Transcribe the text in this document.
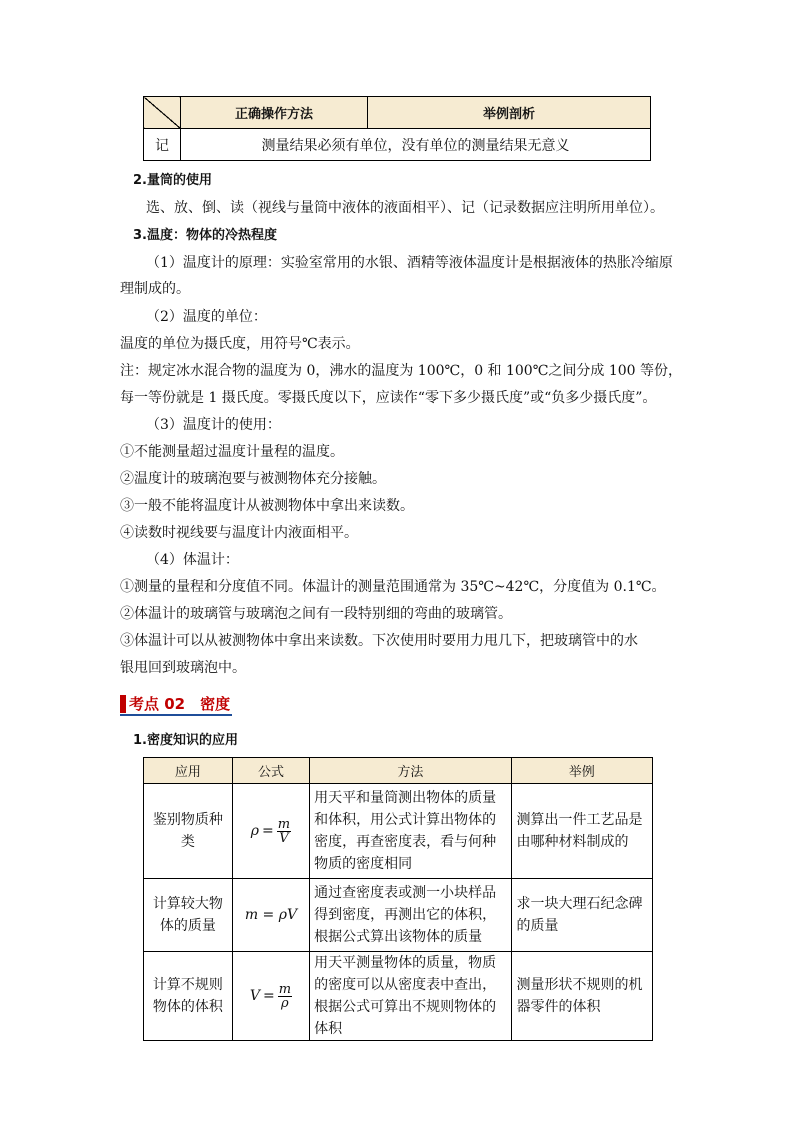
	正确操作方法	举例剖析
记	测量结果必须有单位，没有单位的测量结果无意义	
2.量筒的使用
选、放、倒、读（视线与量筒中液体的液面相平）、记（记录数据应注明所用单位）。
3.温度：物体的冷热程度
（1）温度计的原理：实验室常用的水银、酒精等液体温度计是根据液体的热胀冷缩原
理制成的。
（2）温度的单位：
温度的单位为摄氏度，用符号℃表示。
注：规定冰水混合物的温度为 0，沸水的温度为 100℃，0 和 100℃之间分成 100 等份，
每一等份就是 1 摄氏度。零摄氏度以下，应读作“零下多少摄氏度”或“负多少摄氏度”。
（3）温度计的使用：
①不能测量超过温度计量程的温度。
②温度计的玻璃泡要与被测物体充分接触。
③一般不能将温度计从被测物体中拿出来读数。
④读数时视线要与温度计内液面相平。
（4）体温计：
①测量的量程和分度值不同。体温计的测量范围通常为 35℃~42℃，分度值为 0.1℃。
②体温计的玻璃管与玻璃泡之间有一段特别细的弯曲的玻璃管。
③体温计可以从被测物体中拿出来读数。下次使用时要用力甩几下，把玻璃管中的水
银甩回到玻璃泡中。
考点 02　密度
1.密度知识的应用
应用	公式	方法	举例
鉴别物质种类	$\rho = \frac{m}{V}$	用天平和量筒测出物体的质量和体积，用公式计算出物体的密度，再查密度表，看与何种物质的密度相同	测算出一件工艺品是由哪种材料制成的
计算较大物体的质量	m = ρV	通过查密度表或测一小块样品得到密度，再测出它的体积，根据公式算出该物体的质量	求一块大理石纪念碑的质量
计算不规则物体的体积	$V = \frac{m}{\rho}$	用天平测量物体的质量，物质的密度可以从密度表中查出，根据公式可算出不规则物体的体积	测量形状不规则的机器零件的体积
